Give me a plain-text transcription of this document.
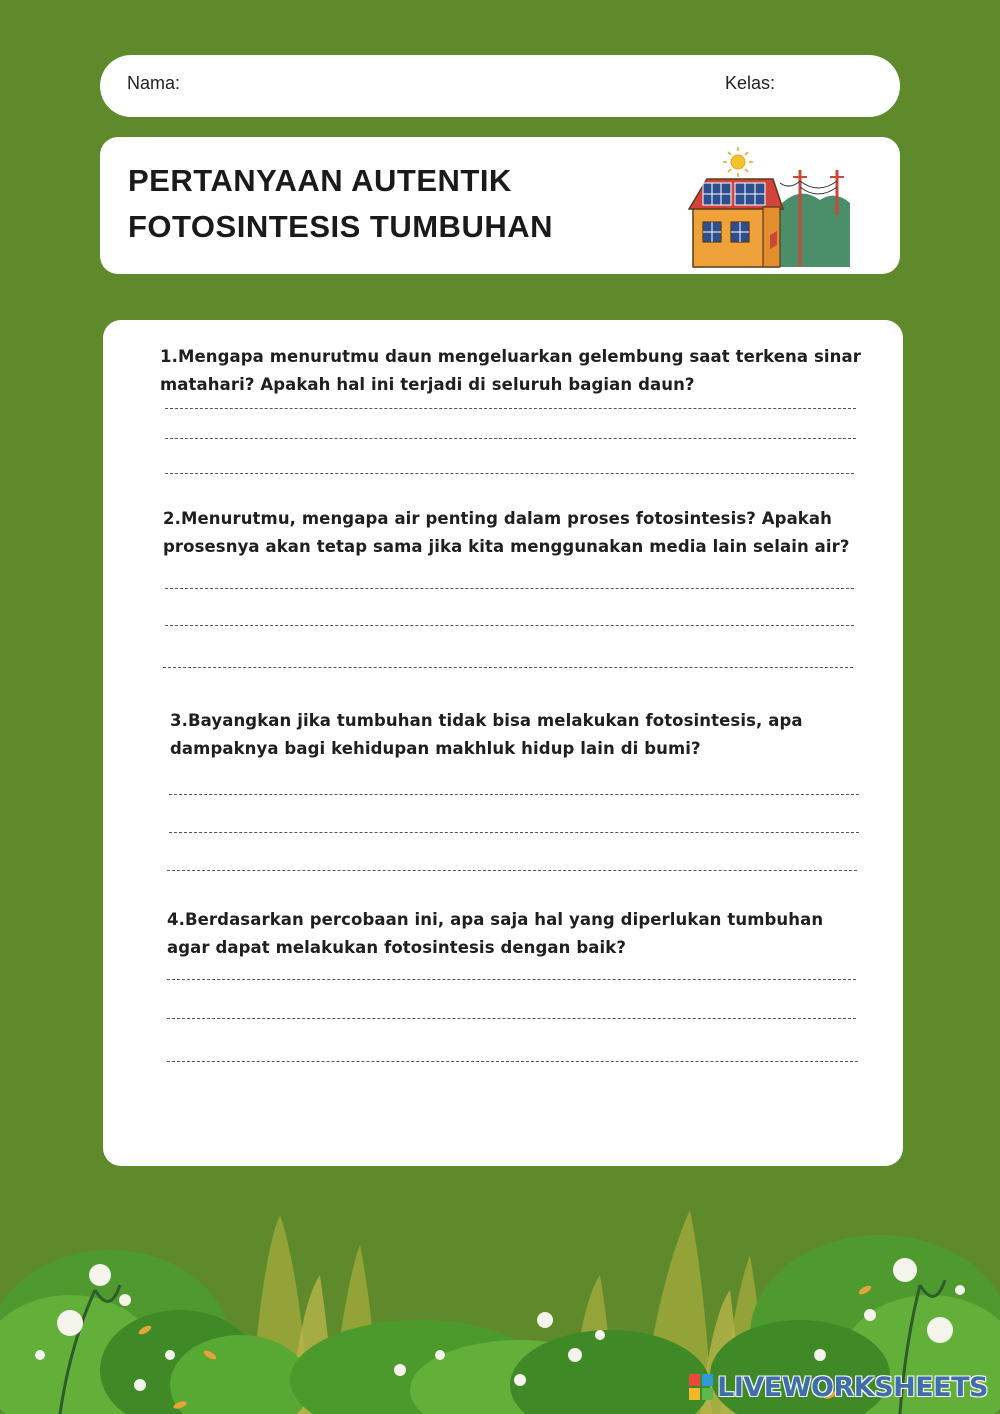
Nama:	Kelas:
PERTANYAAN AUTENTIK
FOTOSINTESIS TUMBUHAN
1.Mengapa menurutmu daun mengeluarkan gelembung saat terkena sinar
matahari? Apakah hal ini terjadi di seluruh bagian daun?
2.Menurutmu, mengapa air penting dalam proses fotosintesis? Apakah
prosesnya akan tetap sama jika kita menggunakan media lain selain air?
3.Bayangkan jika tumbuhan tidak bisa melakukan fotosintesis, apa
dampaknya bagi kehidupan makhluk hidup lain di bumi?
4.Berdasarkan percobaan ini, apa saja hal yang diperlukan tumbuhan
agar dapat melakukan fotosintesis dengan baik?
LIVEWORKSHEETS
